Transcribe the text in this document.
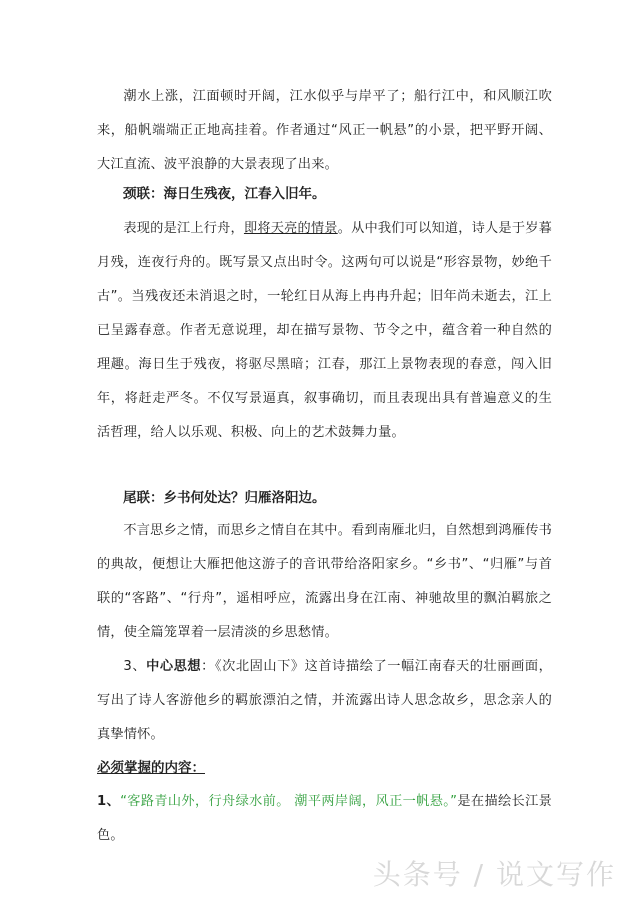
潮水上涨，江面顿时开阔，江水似乎与岸平了；船行江中，和风顺江吹来，船帆端端正正地高挂着。作者通过“风正一帆悬”的小景，把平野开阔、大江直流、波平浪静的大景表现了出来。

颈联：海日生残夜，江春入旧年。

表现的是江上行舟，即将天亮的情景。从中我们可以知道，诗人是于岁暮月残，连夜行舟的。既写景又点出时令。这两句可以说是“形容景物，妙绝千古”。当残夜还未消退之时，一轮红日从海上冉冉升起；旧年尚未逝去，江上已呈露春意。作者无意说理，却在描写景物、节令之中，蕴含着一种自然的理趣。海日生于残夜，将驱尽黑暗；江春，那江上景物表现的春意，闯入旧年，将赶走严冬。不仅写景逼真，叙事确切，而且表现出具有普遍意义的生活哲理，给人以乐观、积极、向上的艺术鼓舞力量。

尾联：乡书何处达？归雁洛阳边。

不言思乡之情，而思乡之情自在其中。看到南雁北归，自然想到鸿雁传书的典故，便想让大雁把他这游子的音讯带给洛阳家乡。“乡书”、“归雁”与首联的“客路”、“行舟”，遥相呼应，流露出身在江南、神驰故里的飘泊羁旅之情，使全篇笼罩着一层清淡的乡思愁情。

3、中心思想：《次北固山下》这首诗描绘了一幅江南春天的壮丽画面，写出了诗人客游他乡的羁旅漂泊之情，并流露出诗人思念故乡，思念亲人的真挚情怀。

必须掌握的内容：

1、“客路青山外，行舟绿水前。 潮平两岸阔，风正一帆悬。”是在描绘长江景色。

头条号 / 说文写作
